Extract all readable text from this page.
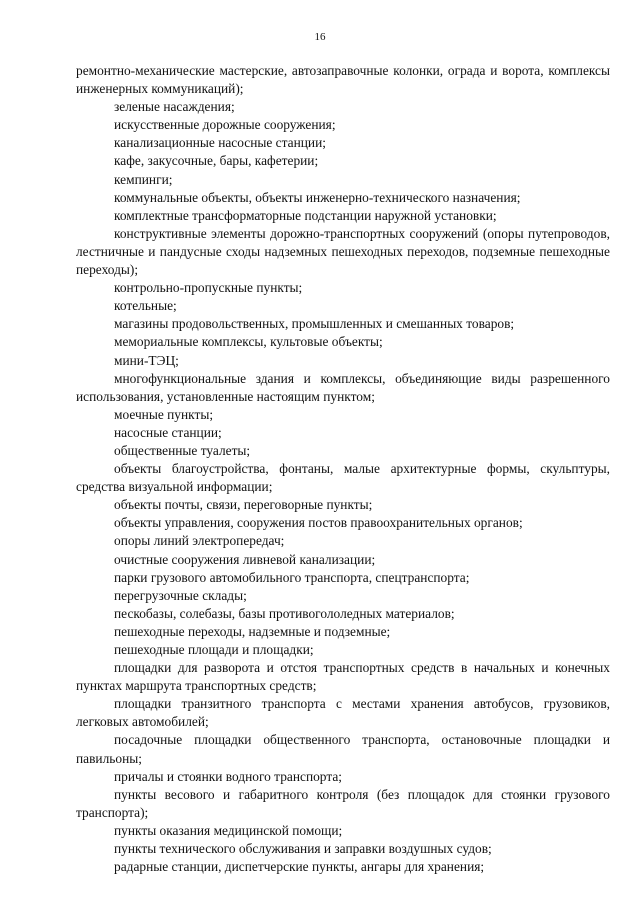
16

ремонтно-механические мастерские, автозаправочные колонки, ограда и ворота, комплексы инженерных коммуникаций);

зеленые насаждения;

искусственные дорожные сооружения;

канализационные насосные станции;

кафе, закусочные, бары, кафетерии;

кемпинги;

коммунальные объекты, объекты инженерно-технического назначения;

комплектные трансформаторные подстанции наружной установки;

конструктивные элементы дорожно-транспортных сооружений (опоры путепроводов, лестничные и пандусные сходы надземных пешеходных переходов, подземные пешеходные переходы);

контрольно-пропускные пункты;

котельные;

магазины продовольственных, промышленных и смешанных товаров;

мемориальные комплексы, культовые объекты;

мини-ТЭЦ;

многофункциональные здания и комплексы, объединяющие виды разрешенного использования, установленные настоящим пунктом;

моечные пункты;

насосные станции;

общественные туалеты;

объекты благоустройства, фонтаны, малые архитектурные формы, скульптуры, средства визуальной информации;

объекты почты, связи, переговорные пункты;

объекты управления, сооружения постов правоохранительных органов;

опоры линий электропередач;

очистные сооружения ливневой канализации;

парки грузового автомобильного транспорта, спецтранспорта;

перегрузочные склады;

пескобазы, солебазы, базы противогололедных материалов;

пешеходные переходы, надземные и подземные;

пешеходные площади и площадки;

площадки для разворота и отстоя транспортных средств в начальных и конечных пунктах маршрута транспортных средств;

площадки транзитного транспорта с местами хранения автобусов, грузовиков, легковых автомобилей;

посадочные площадки общественного транспорта, остановочные площадки и павильоны;

причалы и стоянки водного транспорта;

пункты весового и габаритного контроля (без площадок для стоянки грузового транспорта);

пункты оказания медицинской помощи;

пункты технического обслуживания и заправки воздушных судов;

радарные станции, диспетчерские пункты, ангары для хранения;
